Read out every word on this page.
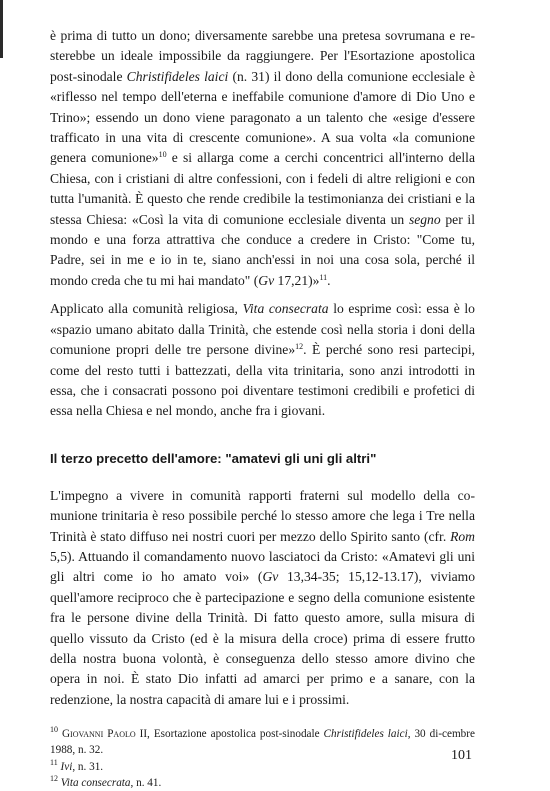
è prima di tutto un dono; diversamente sarebbe una pretesa sovrumana e re-sterebbe un ideale impossibile da raggiungere. Per l'Esortazione apostolica post-sinodale Christifideles laici (n. 31) il dono della comunione ecclesiale è «riflesso nel tempo dell'eterna e ineffabile comunione d'amore di Dio Uno e Trino»; essendo un dono viene paragonato a un talento che «esige d'essere trafficato in una vita di crescente comunione». A sua volta «la comunione genera comunione»$^{10}$ e si allarga come a cerchi concentrici all'interno della Chiesa, con i cristiani di altre confessioni, con i fedeli di altre religioni e con tutta l'umanità. È questo che rende credibile la testimonianza dei cristiani e la stessa Chiesa: «Così la vita di comunione ecclesiale diventa un segno per il mondo e una forza attrattiva che conduce a credere in Cristo: "Come tu, Padre, sei in me e io in te, siano anch'essi in noi una cosa sola, perché il mondo creda che tu mi hai mandato" (Gv 17,21)»$^{11}$.

Applicato alla comunità religiosa, Vita consecrata lo esprime così: essa è lo «spazio umano abitato dalla Trinità, che estende così nella storia i doni della comunione propri delle tre persone divine»$^{12}$. È perché sono resi partecipi, come del resto tutti i battezzati, della vita trinitaria, sono anzi introdotti in essa, che i consacrati possono poi diventare testimoni credibili e profetici di essa nella Chiesa e nel mondo, anche fra i giovani.

Il terzo precetto dell'amore: "amatevi gli uni gli altri"

L'impegno a vivere in comunità rapporti fraterni sul modello della co-munione trinitaria è reso possibile perché lo stesso amore che lega i Tre nella Trinità è stato diffuso nei nostri cuori per mezzo dello Spirito santo (cfr. Rom 5,5). Attuando il comandamento nuovo lasciatoci da Cristo: «Amatevi gli uni gli altri come io ho amato voi» (Gv 13,34-35; 15,12-13.17), viviamo quell'amore reciproco che è partecipazione e segno della comunione esistente fra le persone divine della Trinità. Di fatto questo amore, sulla misura di quello vissuto da Cristo (ed è la misura della croce) prima di essere frutto della nostra buona volontà, è conseguenza dello stesso amore divino che opera in noi. È stato Dio infatti ad amarci per primo e a sanare, con la redenzione, la nostra capacità di amare lui e i prossimi.

$^{10}$ Giovanni Paolo II, Esortazione apostolica post-sinodale Christifideles laici, 30 di-cembre 1988, n. 32.

$^{11}$ Ivi, n. 31.

$^{12}$ Vita consecrata, n. 41.

101
